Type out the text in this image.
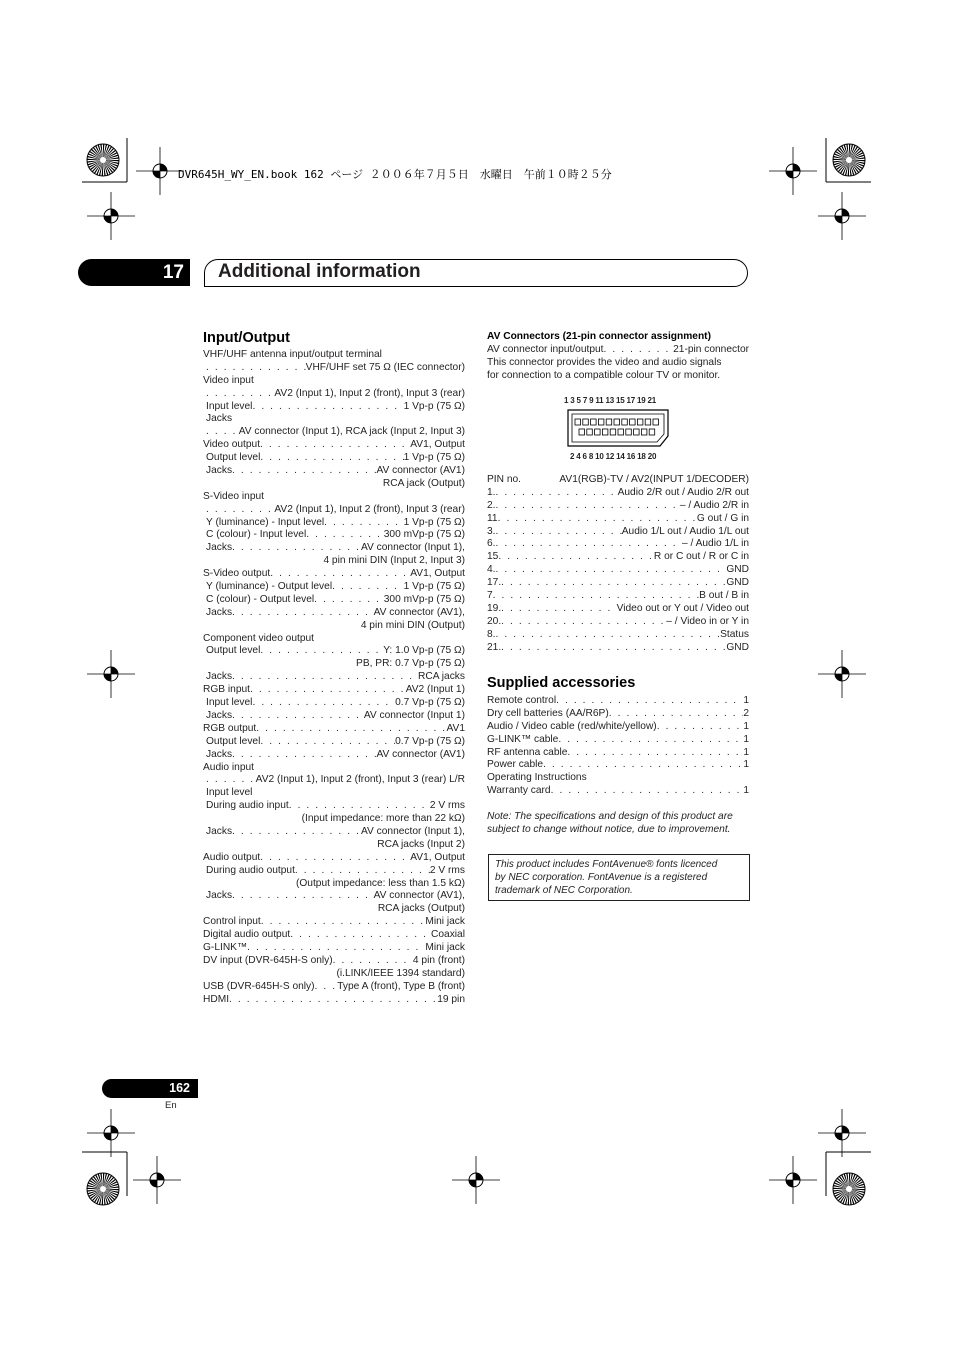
DVR645H_WY_EN.book 162 ページ ２００６年７月５日　水曜日　午前１０時２５分
17	Additional information
Input/Output
VHF/UHF antenna input/output terminal
. . .
VHF/UHF set 75 Ω (IEC connector)
Video input
. . .
AV2 (Input 1), Input 2 (front), Input 3 (rear)
Input level . . .	1 Vp-p (75 Ω)
Jacks
. . .
AV connector (Input 1), RCA jack (Input 2, Input 3)
Video output . . .	AV1, Output
Output level . . .	1 Vp-p (75 Ω)
Jacks . . .	AV connector (AV1)
RCA jack (Output)
S-Video input
. . .
AV2 (Input 1), Input 2 (front), Input 3 (rear)
Y (luminance) - Input level . . .	1 Vp-p (75 Ω)
C (colour) - Input level . . .	300 mVp-p (75 Ω)
Jacks . . .	AV connector (Input 1),
4 pin mini DIN (Input 2, Input 3)
S-Video output . . .	AV1, Output
Y (luminance) - Output level . . .	1 Vp-p (75 Ω)
C (colour) - Output level . . .	300 mVp-p (75 Ω)
Jacks . . .	AV connector (AV1),
4 pin mini DIN (Output)
Component video output
Output level . . .	Y: 1.0 Vp-p (75 Ω)
PB, PR: 0.7 Vp-p (75 Ω)
Jacks . . .	RCA jacks
RGB input . . .	AV2 (Input 1)
Input level . . .	0.7 Vp-p (75 Ω)
Jacks . . .	AV connector (Input 1)
RGB output . . .	AV1
Output level . . .	0.7 Vp-p (75 Ω)
Jacks . . .	AV connector (AV1)
Audio input
. . .
AV2 (Input 1), Input 2 (front), Input 3 (rear) L/R
Input level
During audio input . . .	2 V rms
(Input impedance: more than 22 kΩ)
Jacks . . .	AV connector (Input 1),
RCA jacks (Input 2)
Audio output . . .	AV1, Output
During audio output . . .	2 V rms
(Output impedance: less than 1.5 kΩ)
Jacks . . .	AV connector (AV1),
RCA jacks (Output)
Control input . . .	Mini jack
Digital audio output . . .	Coaxial
G-LINK™ . . .	Mini jack
DV input (DVR-645H-S only) . . .	4 pin (front)
(i.LINK/IEEE 1394 standard)
USB (DVR-645H-S only) . . . Type A (front), Type B (front)
HDMI . . .	19 pin
AV Connectors (21-pin connector assignment)
AV connector input/output . . .	21-pin connector
This connector provides the video and audio signals
for connection to a compatible colour TV or monitor.
1 3 5 7 9 11 13 15 17 19 21
2 4 6 8 10 12 14 16 18 20
PIN no.	AV1(RGB)-TV / AV2(INPUT 1/DECODER)
1. . . .	Audio 2/R out / Audio 2/R out
2. . . .	– / Audio 2/R in
11 . . .	G out / G in
3. . . .	Audio 1/L out / Audio 1/L out
6. . . .	– / Audio 1/L in
15 . . .	R or C out / R or C in
4. . . .	GND
17. . . .	GND
7 . . .	B out / B in
19. . . .	Video out or Y out / Video out
20. . . .	– / Video in or Y in
8. . . .	Status
21. . . .	GND
Supplied accessories
Remote control . . .	1
Dry cell batteries (AA/R6P) . . .	2
Audio / Video cable (red/white/yellow) . . .	1
G-LINK™ cable . . .	1
RF antenna cable . . .	1
Power cable . . .	1
Operating Instructions
Warranty card . . .	1
Note: The specifications and design of this product are
subject to change without notice, due to improvement.
This product includes FontAvenue® fonts licenced
by NEC corporation. FontAvenue is a registered
trademark of NEC Corporation.
162
En
